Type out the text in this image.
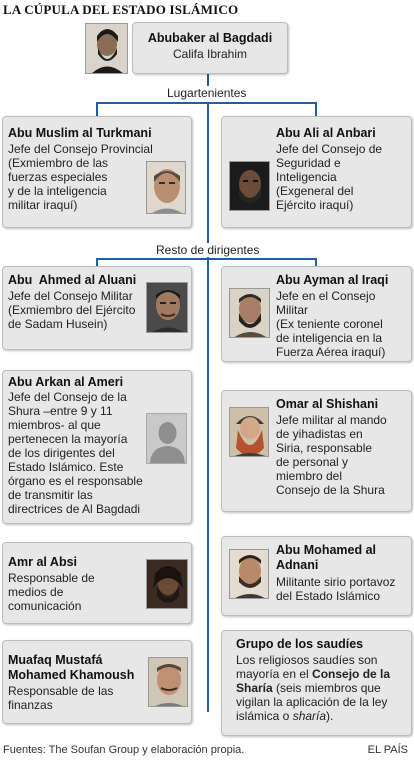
LA CÚPULA DEL ESTADO ISLÁMICO
Abubaker al Bagdadi
Califa Ibrahim
Lugartenientes
Resto de dirigentes
Abu Muslim al Turkmani
Jefe del Consejo Provincial
(Exmiembro de las
fuerzas especiales
y de la inteligencia
militar iraquí)
Abu Ali al Anbari
Jefe del Consejo de
Seguridad e
Inteligencia
(Exgeneral del
Ejército iraquí)
Abu  Ahmed al Aluani
Jefe del Consejo Militar
(Exmiembro del Ejército
de Sadam Husein)
Abu Ayman al Iraqi
Jefe en el Consejo
Militar
(Ex teniente coronel
de inteligencia en la
Fuerza Aérea iraquí)
Abu Arkan al Ameri
Jefe del Consejo de la
Shura –entre 9 y 11
miembros- al que
pertenecen la mayoría
de los dirigentes del
Estado Islámico. Este
órgano es el responsable
de transmitir las
directrices de Al Bagdadi
Omar al Shishani
Jefe militar al mando
de yihadistas en
Siria, responsable
de personal y
miembro del
Consejo de la Shura
Amr al Absi
Responsable de
medios de
comunicación
Abu Mohamed al
Adnani
Militante sirio portavoz
del Estado Islámico
Muafaq Mustafá
Mohamed Khamoush
Responsable de las
finanzas
Grupo de los saudíes
Los religiosos saudíes son
mayoría en el Consejo de la
Sharía (seis miembros que
vigilan la aplicación de la ley
islámica o sharía).
Fuentes: The Soufan Group y elaboración propia.	EL PAÍS
